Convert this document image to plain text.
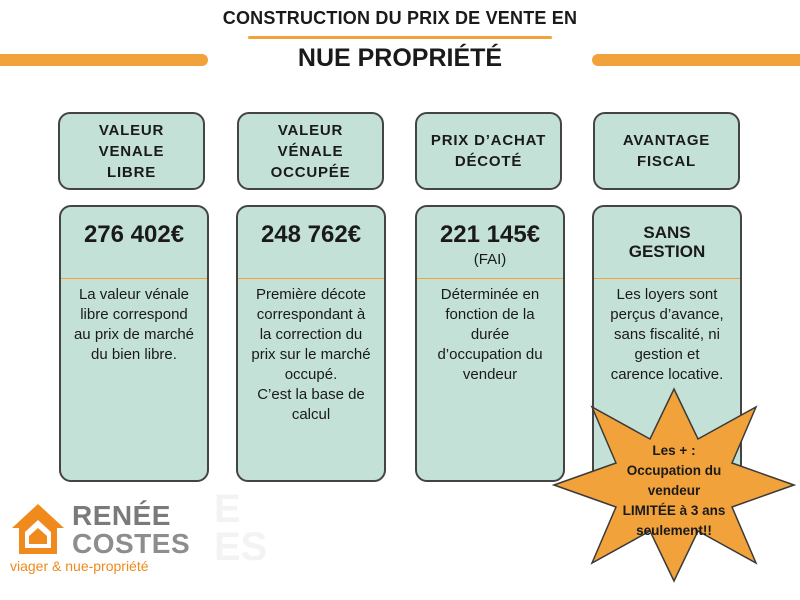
CONSTRUCTION DU PRIX DE VENTE EN
NUE PROPRIÉTÉ
VALEUR VENALE
LIBRE
276 402€
La valeur vénale
libre correspond
au prix de marché
du bien libre.
VALEUR VÉNALE
OCCUPÉE
248 762€
Première décote
correspondant à
la correction du
prix sur le marché
occupé.
C’est la base de
calcul
PRIX D’ACHAT
DÉCOTÉ
221 145€
(FAI)
Déterminée en
fonction de la
durée
d’occupation du
vendeur
AVANTAGE
FISCAL
SANS
GESTION
Les loyers sont
perçus d’avance,
sans fiscalité, ni
gestion et
carence locative.
E
ES
RENÉE
COSTES
viager & nue-propriété
Les + :
Occupation du
vendeur
LIMITÉE à 3 ans
seulement!!
